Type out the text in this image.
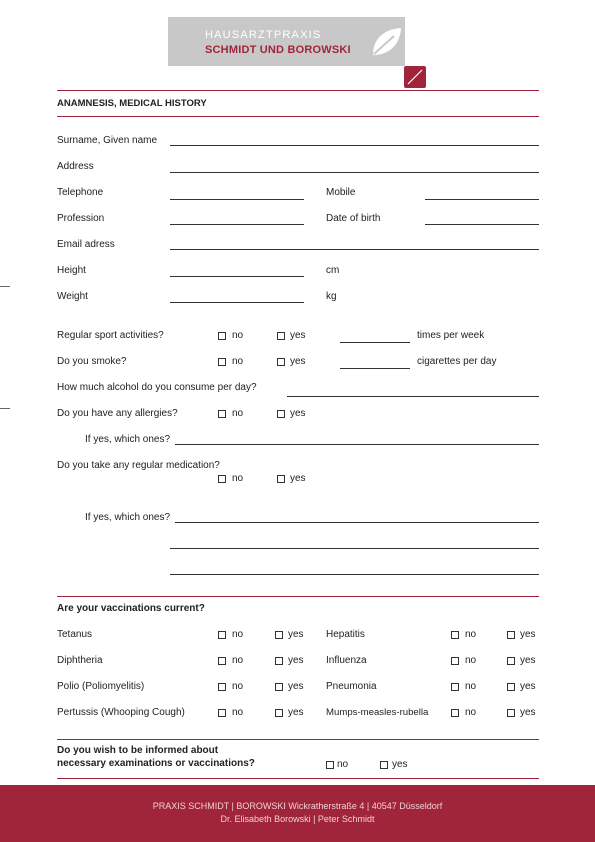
HAUSARZTPRAXIS
SCHMIDT UND BOROWSKI
ANAMNESIS, MEDICAL HISTORY
Surname, Given name
Address
Telephone	Mobile
Profession	Date of birth
Email adress
Height	cm
Weight	kg
Regular sport activities?	no	yes	times per week
Do you smoke?	no	yes	cigarettes per day
How much alcohol do you consume per day?
Do you have any allergies?	no	yes
If yes, which ones?
Do you take any regular medication?
no	yes
If yes, which ones?
Are your vaccinations current?
Tetanus	no	yes Hepatitis	no	yes
Diphtheria	no	yes Influenza	no	yes
Polio (Poliomyelitis)	no	yes Pneumonia	no	yes
Pertussis (Whooping Cough)	no	yes Mumps-measles-rubella	no	yes
Do you wish to be informed about
necessary examinations or vaccinations?	no	yes
PRAXIS SCHMIDT | BOROWSKI Wickratherstraße 4 | 40547 Düsseldorf
Dr. Elisabeth Borowski | Peter Schmidt
